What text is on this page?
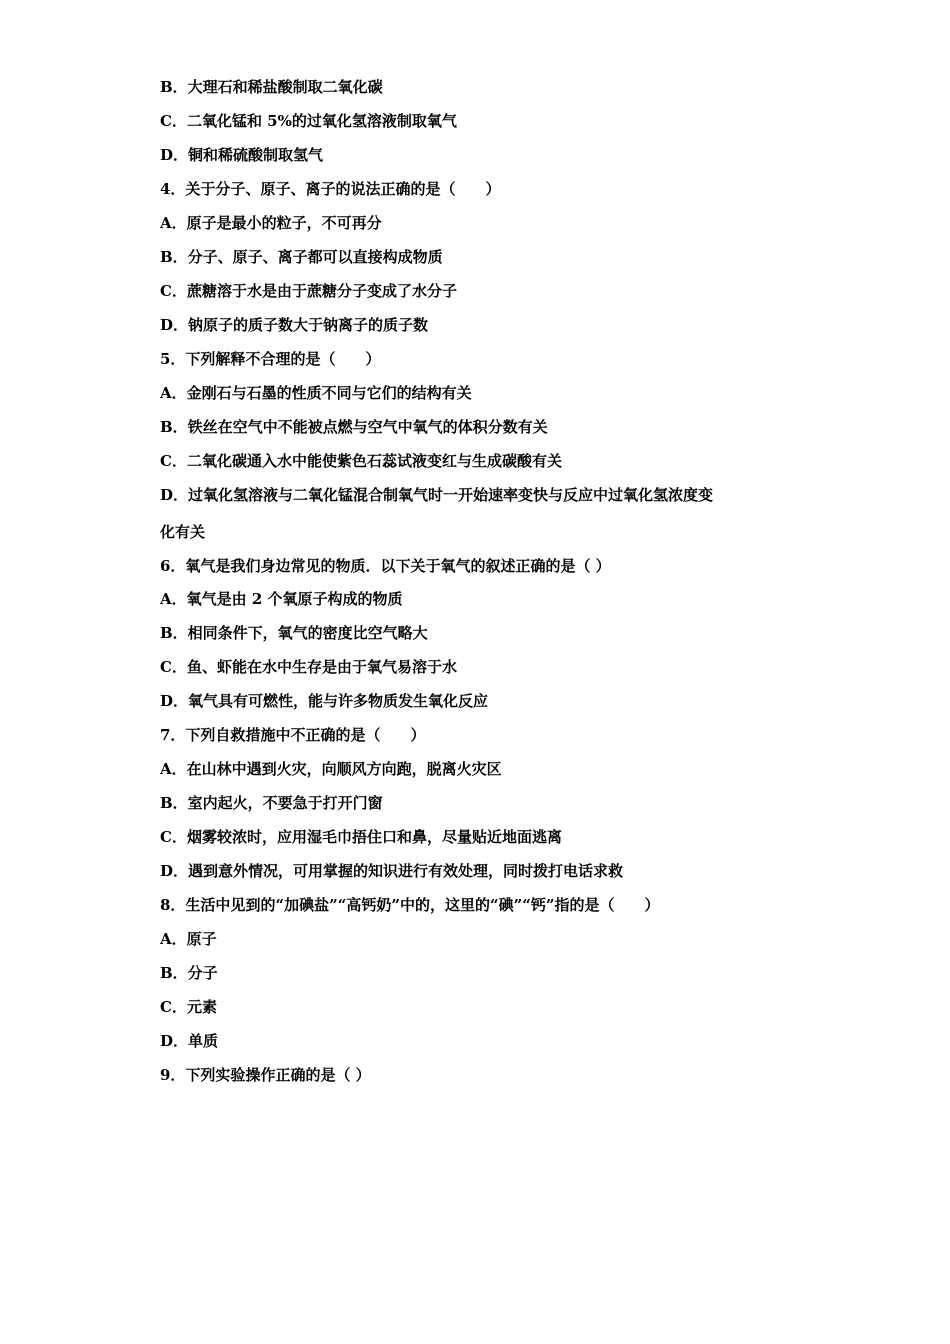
B．大理石和稀盐酸制取二氧化碳
C．二氧化锰和 5%的过氧化氢溶液制取氧气
D．铜和稀硫酸制取氢气
4．关于分子、原子、离子的说法正确的是（　　）
A．原子是最小的粒子，不可再分
B．分子、原子、离子都可以直接构成物质
C．蔗糖溶于水是由于蔗糖分子变成了水分子
D．钠原子的质子数大于钠离子的质子数
5．下列解释不合理的是（　　）
A．金刚石与石墨的性质不同与它们的结构有关
B．铁丝在空气中不能被点燃与空气中氧气的体积分数有关
C．二氧化碳通入水中能使紫色石蕊试液变红与生成碳酸有关
D．过氧化氢溶液与二氧化锰混合制氧气时一开始速率变快与反应中过氧化氢浓度变
化有关
6．氧气是我们身边常见的物质．以下关于氧气的叙述正确的是（ ）
A．氧气是由 2 个氧原子构成的物质
B．相同条件下，氧气的密度比空气略大
C．鱼、虾能在水中生存是由于氧气易溶于水
D．氧气具有可燃性，能与许多物质发生氧化反应
7．下列自救措施中不正确的是（　　）
A．在山林中遇到火灾，向顺风方向跑，脱离火灾区
B．室内起火，不要急于打开门窗
C．烟雾较浓时，应用湿毛巾捂住口和鼻，尽量贴近地面逃离
D．遇到意外情况，可用掌握的知识进行有效处理，同时拨打电话求救
8．生活中见到的“加碘盐”“高钙奶”中的，这里的“碘”“钙”指的是（　　）
A．原子
B．分子
C．元素
D．单质
9．下列实验操作正确的是（ ）
